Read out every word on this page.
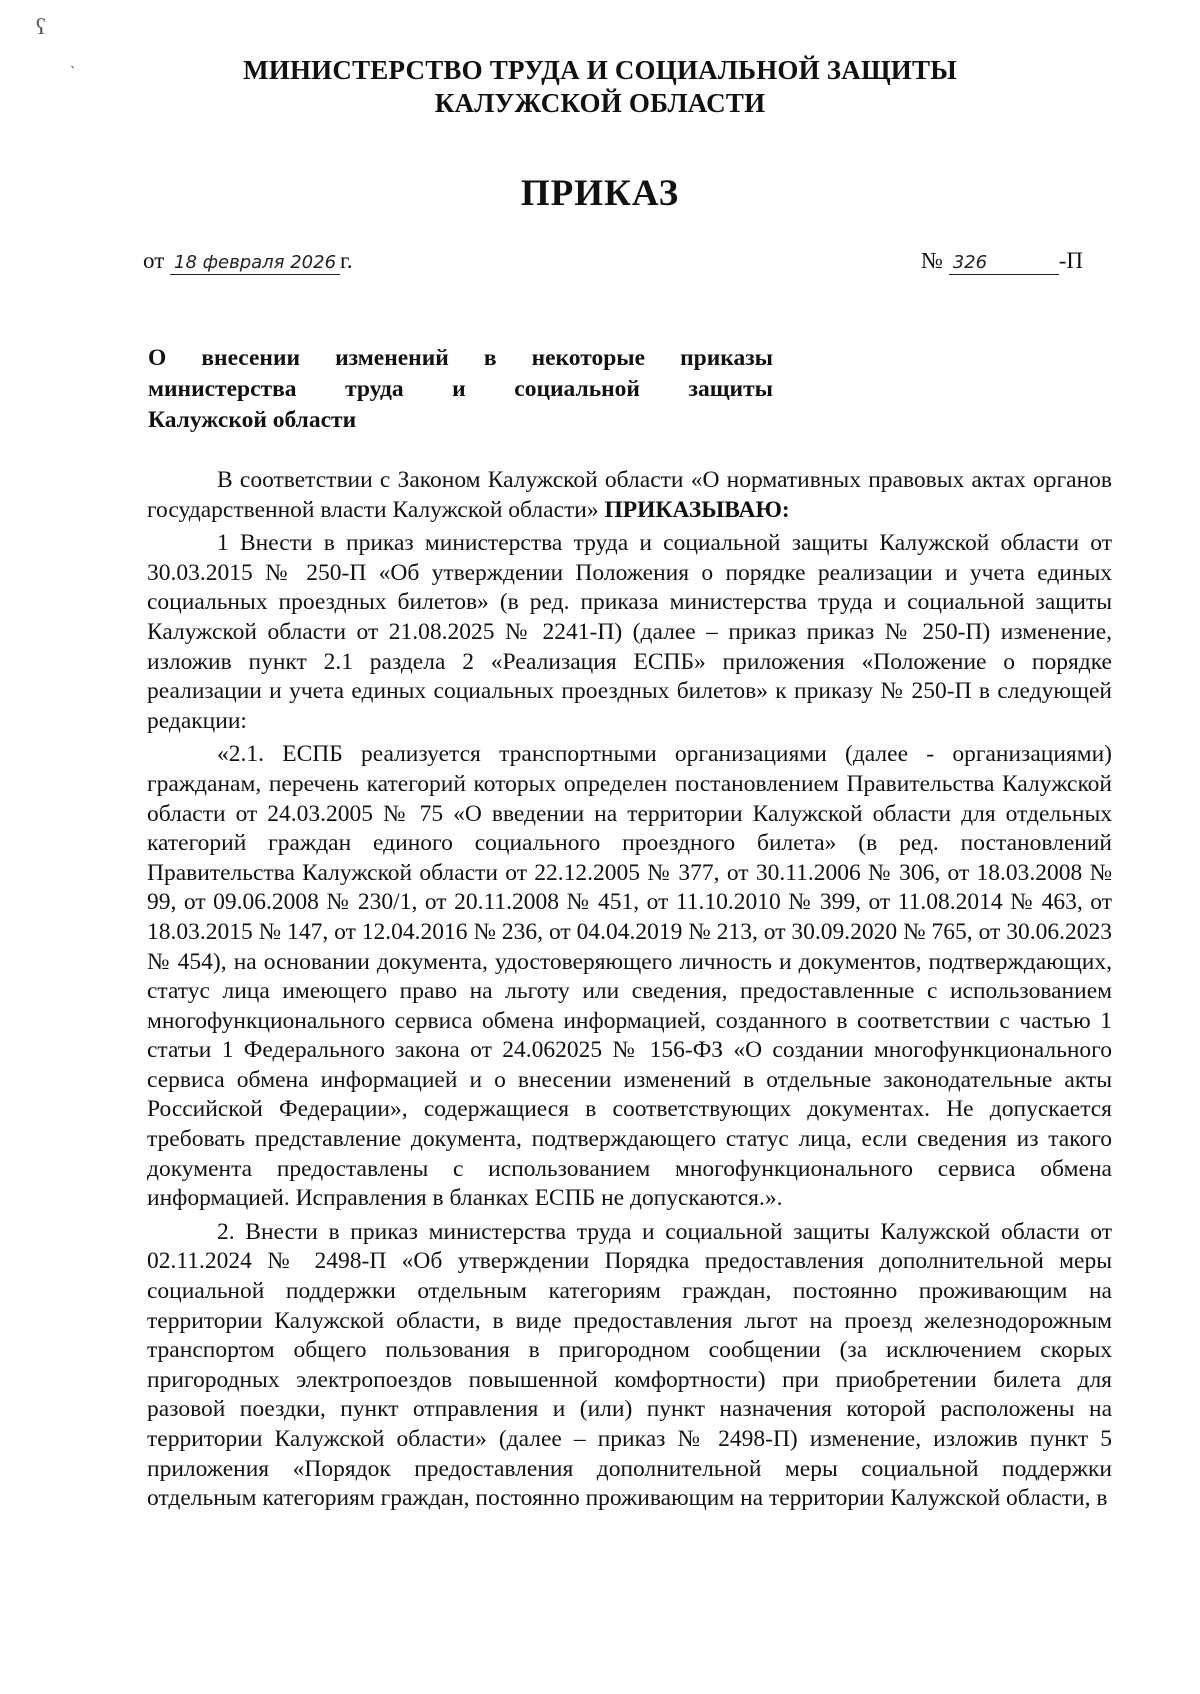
ʕ
ˏ	МИНИСТЕРСТВО ТРУДА И СОЦИАЛЬНОЙ ЗАЩИТЫ
КАЛУЖСКОЙ ОБЛАСТИ
ПРИКАЗ
от 18 февраля 2026 г.	№ 326	-П
О внесении изменений в некоторые приказы
министерства труда и социальной защиты
Калужской области

В соответствии с Законом Калужской области «О нормативных правовых актах органов государственной власти Калужской области» ПРИКАЗЫВАЮ:

1 Внести в приказ министерства труда и социальной защиты Калужской области от 30.03.2015 № 250-П «Об утверждении Положения о порядке реализации и учета единых социальных проездных билетов» (в ред. приказа министерства труда и социальной защиты Калужской области от 21.08.2025 № 2241-П) (далее – приказ приказ № 250-П) изменение, изложив пункт 2.1 раздела 2 «Реализация ЕСПБ» приложения «Положение о порядке реализации и учета единых социальных проездных билетов» к приказу № 250-П в следующей редакции:

«2.1. ЕСПБ реализуется транспортными организациями (далее - организациями) гражданам, перечень категорий которых определен постановлением Правительства Калужской области от 24.03.2005 № 75 «О введении на территории Калужской области для отдельных категорий граждан единого социального проездного билета» (в ред. постановлений Правительства Калужской области от 22.12.2005 № 377, от 30.11.2006 № 306, от 18.03.2008 № 99, от 09.06.2008 № 230/1, от 20.11.2008 № 451, от 11.10.2010 № 399, от 11.08.2014 № 463, от 18.03.2015 № 147, от 12.04.2016 № 236, от 04.04.2019 № 213, от 30.09.2020 № 765, от 30.06.2023 № 454), на основании документа, удостоверяющего личность и документов, подтверждающих, статус лица имеющего право на льготу или сведения, предоставленные с использованием многофункционального сервиса обмена информацией, созданного в соответствии с частью 1 статьи 1 Федерального закона от 24.062025 № 156-ФЗ «О создании многофункционального сервиса обмена информацией и о внесении изменений в отдельные законодательные акты Российской Федерации», содержащиеся в соответствующих документах. Не допускается требовать представление документа, подтверждающего статус лица, если сведения из такого документа предоставлены с использованием многофункционального сервиса обмена информацией. Исправления в бланках ЕСПБ не допускаются.».

2. Внести в приказ министерства труда и социальной защиты Калужской области от 02.11.2024 № 2498-П «Об утверждении Порядка предоставления дополнительной меры социальной поддержки отдельным категориям граждан, постоянно проживающим на территории Калужской области, в виде предоставления льгот на проезд железнодорожным транспортом общего пользования в пригородном сообщении (за исключением скорых пригородных электропоездов повышенной комфортности) при приобретении билета для разовой поездки, пункт отправления и (или) пункт назначения которой расположены на территории Калужской области» (далее – приказ № 2498-П) изменение, изложив пункт 5 приложения «Порядок предоставления дополнительной меры социальной поддержки отдельным категориям граждан, постоянно проживающим на территории Калужской области, в
